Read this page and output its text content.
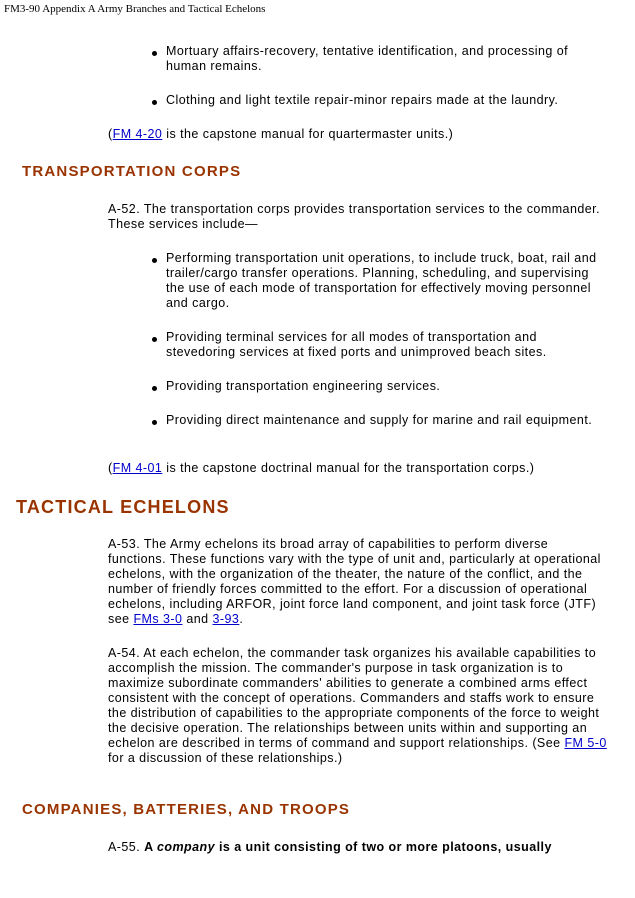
FM3-90 Appendix A Army Branches and Tactical Echelons
Mortuary affairs-recovery, tentative identification, and processing of human remains.
Clothing and light textile repair-minor repairs made at the laundry.

(FM 4-20 is the capstone manual for quartermaster units.)

TRANSPORTATION CORPS

A-52. The transportation corps provides transportation services to the commander. These services include—

Performing transportation unit operations, to include truck, boat, rail and trailer/cargo transfer operations. Planning, scheduling, and supervising the use of each mode of transportation for effectively moving personnel and cargo.
Providing terminal services for all modes of transportation and stevedoring services at fixed ports and unimproved beach sites.
Providing transportation engineering services.
Providing direct maintenance and supply for marine and rail equipment.

(FM 4-01 is the capstone doctrinal manual for the transportation corps.)

TACTICAL ECHELONS

A-53. The Army echelons its broad array of capabilities to perform diverse functions. These functions vary with the type of unit and, particularly at operational echelons, with the organization of the theater, the nature of the conflict, and the number of friendly forces committed to the effort. For a discussion of operational echelons, including ARFOR, joint force land component, and joint task force (JTF) see FMs 3-0 and 3-93.

A-54. At each echelon, the commander task organizes his available capabilities to accomplish the mission. The commander's purpose in task organization is to maximize subordinate commanders' abilities to generate a combined arms effect consistent with the concept of operations. Commanders and staffs work to ensure the distribution of capabilities to the appropriate components of the force to weight the decisive operation. The relationships between units within and supporting an echelon are described in terms of command and support relationships. (See FM 5-0 for a discussion of these relationships.)

COMPANIES, BATTERIES, AND TROOPS

A-55. A company is a unit consisting of two or more platoons, usually
